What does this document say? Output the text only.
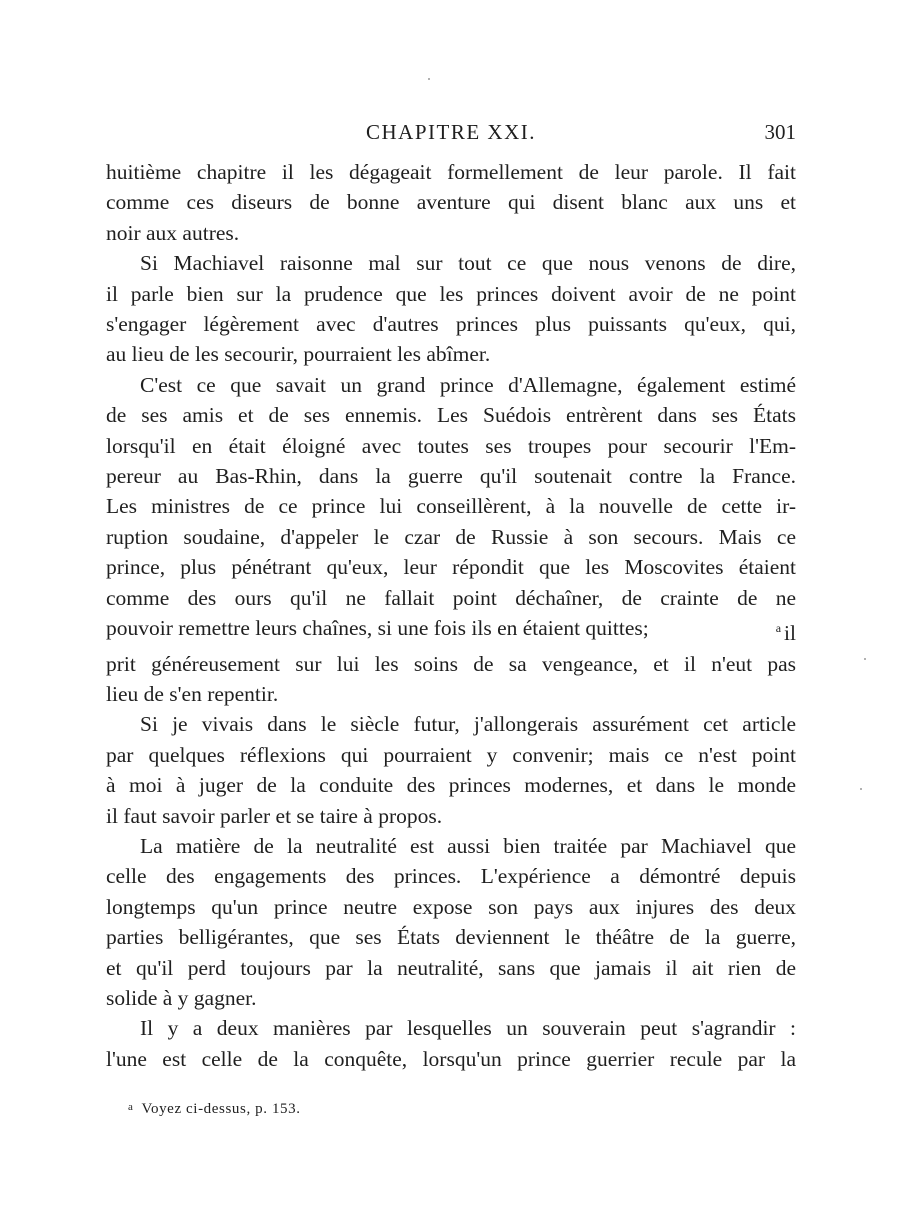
CHAPITRE XXI.	301

huitième chapitre il les dégageait formellement de leur parole. Il fait
comme ces diseurs de bonne aventure qui disent blanc aux uns et
noir aux autres.

Si Machiavel raisonne mal sur tout ce que nous venons de dire,
il parle bien sur la prudence que les princes doivent avoir de ne point
s'engager légèrement avec d'autres princes plus puissants qu'eux, qui,
au lieu de les secourir, pourraient les abîmer.

C'est ce que savait un grand prince d'Allemagne, également estimé
de ses amis et de ses ennemis. Les Suédois entrèrent dans ses États
lorsqu'il en était éloigné avec toutes ses troupes pour secourir l'Em-
pereur au Bas-Rhin, dans la guerre qu'il soutenait contre la France.
Les ministres de ce prince lui conseillèrent, à la nouvelle de cette ir-
ruption soudaine, d'appeler le czar de Russie à son secours. Mais ce
prince, plus pénétrant qu'eux, leur répondit que les Moscovites étaient
comme des ours qu'il ne fallait point déchaîner, de crainte de ne
pouvoir remettre leurs chaînes, si une fois ils en étaient quittes;	$^a$ il
prit généreusement sur lui les soins de sa vengeance, et il n'eut pas
lieu de s'en repentir.

Si je vivais dans le siècle futur, j'allongerais assurément cet article
par quelques réflexions qui pourraient y convenir; mais ce n'est point
à moi à juger de la conduite des princes modernes, et dans le monde
il faut savoir parler et se taire à propos.

La matière de la neutralité est aussi bien traitée par Machiavel que
celle des engagements des princes. L'expérience a démontré depuis
longtemps qu'un prince neutre expose son pays aux injures des deux
parties belligérantes, que ses États deviennent le théâtre de la guerre,
et qu'il perd toujours par la neutralité, sans que jamais il ait rien de
solide à y gagner.

Il y a deux manières par lesquelles un souverain peut s'agrandir :
l'une est celle de la conquête, lorsqu'un prince guerrier recule par la

$^a$ Voyez ci-dessus, p. 153.
